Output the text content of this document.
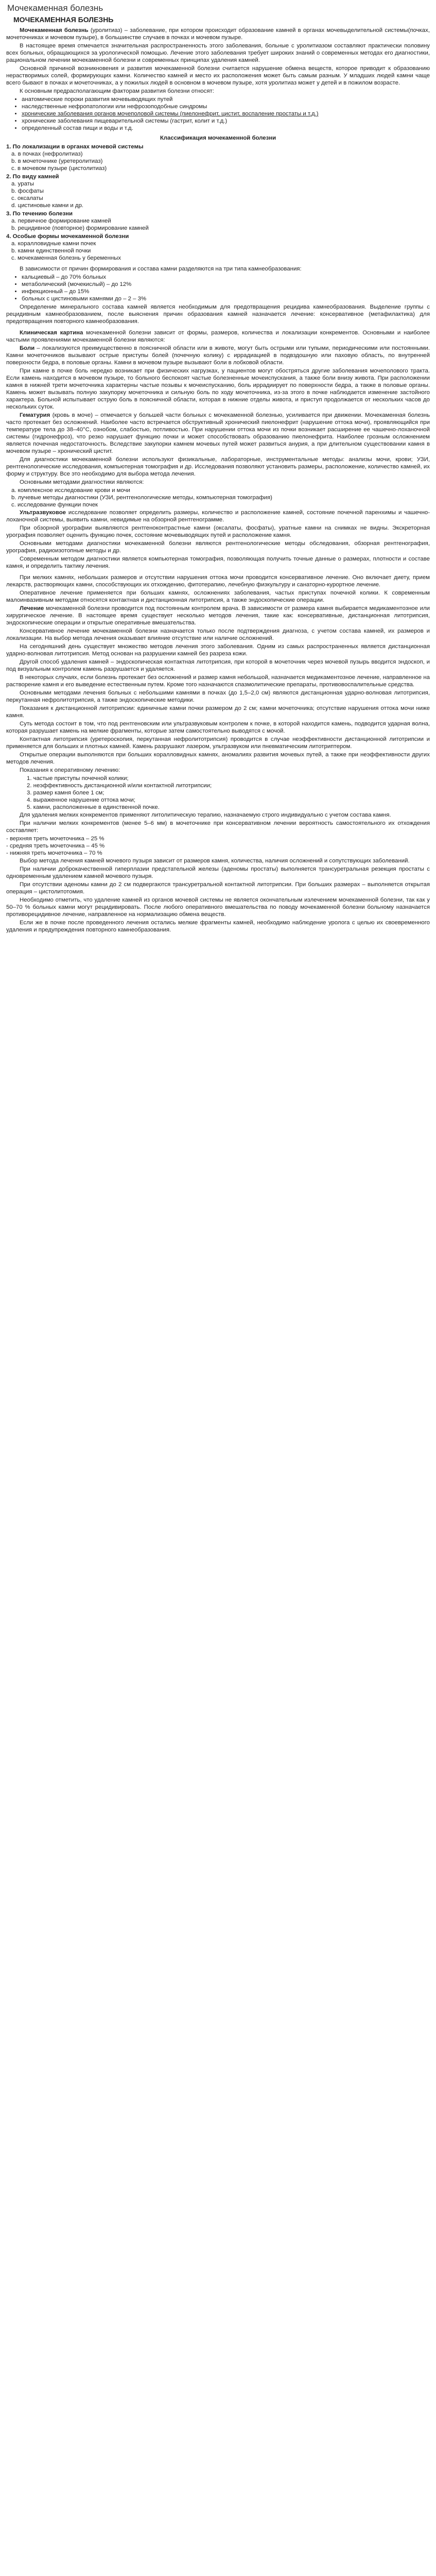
Мочекаменная болезнь
МОЧЕКАМЕННАЯ БОЛЕЗНЬ

Мочекаменная болезнь (уролитиаз) – заболевание, при котором происходит образование камней в органах мочевыделительной системы(почках, мочеточниках и мочевом пузыре), в большинстве случаев в почках и мочевом пузыре.

В настоящее время отмечается значительная распространенность этого заболевания, больные с уролитиазом составляют практически половину всех больных, обращающихся за урологической помощью. Лечение этого заболевания требует широких знаний о современных методах его диагностики, рациональном лечении мочекаменной болезни и современных принципах удаления камней.

Основной причиной возникновения и развития мочекаменной болезни считается нарушение обмена веществ, которое приводит к образованию нерастворимых солей, формирующих камни. Количество камней и место их расположения может быть самым разным. У младших людей камни чаще всего бывают в почках и мочеточниках, а у пожилых людей в основном в мочевом пузыре, хотя уролитиаз может у детей и в пожилом возрасте.

К основным предрасполагающим факторам развития болезни относят:

• анатомические пороки развития мочевыводящих путей
• наследственные нефропатологии или нефрозоподобные синдромы
• хронические заболевания органов мочеполовой системы (пиелонефрит, цистит, воспаление простаты и т.д.)
• хронические заболевания пищеварительной системы (гастрит, колит и т.д.)
• определенный состав пищи и воды и т.д.
Классификация мочекаменной болезни
1. По локализации в органах мочевой системы
а. в почках (нефролитиаз)
b. в мочеточнике (уретеролитиаз)
c. в мочевом пузыре (цистолитиаз)
2. По виду камней
а. ураты
b. фосфаты
c. оксалаты
d. цистиновые камни и др.
3. По течению болезни
а. первичное формирование камней
b. рецидивное (повторное) формирование камней
4. Особые формы мочекаменной болезни
а. коралловидные камни почек
b. камни единственной почки
c. мочекаменная болезнь у беременных

В зависимости от причин формирования и состава камни разделяются на три типа камнеобразования:

• кальциевый – до 70% больных
• метаболический (мочекислый) – до 12%
• инфекционный – до 15%
• больных с цистиновыми камнями до – 2 – 3%

Определение минерального состава камней является необходимым для предотвращения рецидива камнеобразования. Выделение группы с рецидивным камнеобразованием, после выяснения причин образования камней назначается лечение: консервативное (метафилактика) для предотвращения повторного камнеобразования.

Клиническая картина мочекаменной болезни зависит от формы, размеров, количества и локализации конкрементов. Основными и наиболее частыми проявлениями мочекаменной болезни являются:

Боли – локализуются преимущественно в поясничной области или в животе, могут быть острыми или тупыми, периодическими или постоянными. Камни мочеточников вызывают острые приступы болей (почечную колику) с иррадиацией в подвздошную или паховую область, по внутренней поверхности бедра, в половые органы. Камни в мочевом пузыре вызывают боли в лобковой области.

При камне в почке боль нередко возникает при физических нагрузках, у пациентов могут обостряться другие заболевания мочеполового тракта. Если камень находится в мочевом пузыре, то больного беспокоят частые болезненные мочеиспускания, а также боли внизу живота. При расположении камня в нижней трети мочеточника характерны частые позывы к мочеиспусканию, боль иррадиирует по поверхности бедра, а также в половые органы. Камень может вызывать полную закупорку мочеточника и сильную боль по ходу мочеточника, из-за этого в почке наблюдается изменение застойного характера. Больной испытывает острую боль в поясничной области, которая в нижние отделы живота, и приступ продолжается от нескольких часов до нескольких суток.

Гематурия (кровь в моче) – отмечается у большей части больных с мочекаменной болезнью, усиливается при движении. Мочекаменная болезнь часто протекает без осложнений. Наиболее часто встречается обструктивный хронический пиелонефрит (нарушение оттока мочи), проявляющийся при температуре тела до 38–40°С, ознобом, слабостью, потливостью. При нарушении оттока мочи из почки возникает расширение ее чашечно-лоханочной системы (гидронефроз), что резко нарушает функцию почки и может способствовать образованию пиелонефрита. Наиболее грозным осложнением является почечная недостаточность. Вследствие закупорки камнем мочевых путей может развиться анурия, а при длительном существовании камня в мочевом пузыре – хронический цистит.

Для диагностики мочекаменной болезни используют физикальные, лабораторные, инструментальные методы: анализы мочи, крови; УЗИ, рентгенологические исследования, компьютерная томография и др. Исследования позволяют установить размеры, расположение, количество камней, их форму и структуру. Все это необходимо для выбора метода лечения.

Основными методами диагностики являются:

a. комплексное исследование крови и мочи
b. лучевые методы диагностики (УЗИ, рентгенологические методы, компьютерная томография)
c. исследование функции почек

Ультразвуковое исследование позволяет определить размеры, количество и расположение камней, состояние почечной паренхимы и чашечно-лоханочной системы, выявить камни, невидимые на обзорной рентгенограмме.

При обзорной урографии выявляются рентгеноконтрастные камни (оксалаты, фосфаты), уратные камни на снимках не видны. Экскреторная урография позволяет оценить функцию почек, состояние мочевыводящих путей и расположение камня.

Основными методами диагностики мочекаменной болезни являются рентгенологические методы обследования, обзорная рентгенография, урография, радиоизотопные методы и др.

Современным методом диагностики является компьютерная томография, позволяющая получить точные данные о размерах, плотности и составе камня, и определить тактику лечения.

При мелких камнях, небольших размеров и отсутствии нарушения оттока мочи проводится консервативное лечение. Оно включает диету, прием лекарств, растворяющих камни, способствующих их отхождению, фитотерапию, лечебную физкультуру и санаторно-курортное лечение.

Оперативное лечение применяется при больших камнях, осложнениях заболевания, частых приступах почечной колики. К современным малоинвазивным методам относятся контактная и дистанционная литотрипсия, а также эндоскопические операции.

Лечение мочекаменной болезни проводится под постоянным контролем врача. В зависимости от размера камня выбирается медикаментозное или хирургическое лечение. В настоящее время существует несколько методов лечения, такие как: консервативные, дистанционная литотрипсия, эндоскопические операции и открытые оперативные вмешательства.

Консервативное лечение мочекаменной болезни назначается только после подтверждения диагноза, с учетом состава камней, их размеров и локализации. На выбор метода лечения оказывает влияние отсутствие или наличие осложнений.

На сегодняшний день существует множество методов лечения этого заболевания. Одним из самых распространенных является дистанционная ударно-волновая литотрипсия. Метод основан на разрушении камней без разреза кожи.

Другой способ удаления камней – эндоскопическая контактная литотрипсия, при которой в мочеточник через мочевой пузырь вводится эндоскоп, и под визуальным контролем камень разрушается и удаляется.

В некоторых случаях, если болезнь протекает без осложнений и размер камня небольшой, назначается медикаментозное лечение, направленное на растворение камня и его выведение естественным путем. Кроме того назначаются спазмолитические препараты, противовоспалительные средства.

Основными методами лечения больных с небольшими камнями в почках (до 1,5–2,0 см) являются дистанционная ударно-волновая литотрипсия, перкутанная нефролитотрипсия, а также эндоскопические методики.

Показания к дистанционной литотрипсии: единичные камни почки размером до 2 см; камни мочеточника; отсутствие нарушения оттока мочи ниже камня.

Суть метода состоит в том, что под рентгеновским или ультразвуковым контролем к почке, в которой находится камень, подводится ударная волна, которая разрушает камень на мелкие фрагменты, которые затем самостоятельно выводятся с мочой.

Контактная литотрипсия (уретероскопия, перкутанная нефролитотрипсия) проводится в случае неэффективности дистанционной литотрипсии и применяется для больших и плотных камней. Камень разрушают лазером, ультразвуком или пневматическим литотриптером.

Открытые операции выполняются при больших коралловидных камнях, аномалиях развития мочевых путей, а также при неэффективности других методов лечения.

Показания к оперативному лечению:

1. частые приступы почечной колики;
2. неэффективность дистанционной и/или контактной литотрипсии;
3. размер камня более 1 см;
4. выраженное нарушение оттока мочи;
5. камни, расположенные в единственной почке.

Для удаления мелких конкрементов применяют литолитическую терапию, назначаемую строго индивидуально с учетом состава камня.

При наличии мелких конкрементов (менее 5–6 мм) в мочеточнике при консервативном лечении вероятность самостоятельного их отхождения составляет:

- верхняя треть мочеточника – 25 %
- средняя треть мочеточника – 45 %
- нижняя треть мочеточника – 70 %

Выбор метода лечения камней мочевого пузыря зависит от размеров камня, количества, наличия осложнений и сопутствующих заболеваний.

При наличии доброкачественной гиперплазии предстательной железы (аденомы простаты) выполняется трансуретральная резекция простаты с одновременным удалением камней мочевого пузыря.

При отсутствии аденомы камни до 2 см подвергаются трансуретральной контактной литотрипсии. При больших размерах – выполняется открытая операция – цистолитотомия.

Необходимо отметить, что удаление камней из органов мочевой системы не является окончательным излечением мочекаменной болезни, так как у 50–70 % больных камни могут рецидивировать. После любого оперативного вмешательства по поводу мочекаменной болезни больному назначается противорецидивное лечение, направленное на нормализацию обмена веществ.

Если же в почке после проведенного лечения остались мелкие фрагменты камней, необходимо наблюдение уролога с целью их своевременного удаления и предупреждения повторного камнеобразования.
